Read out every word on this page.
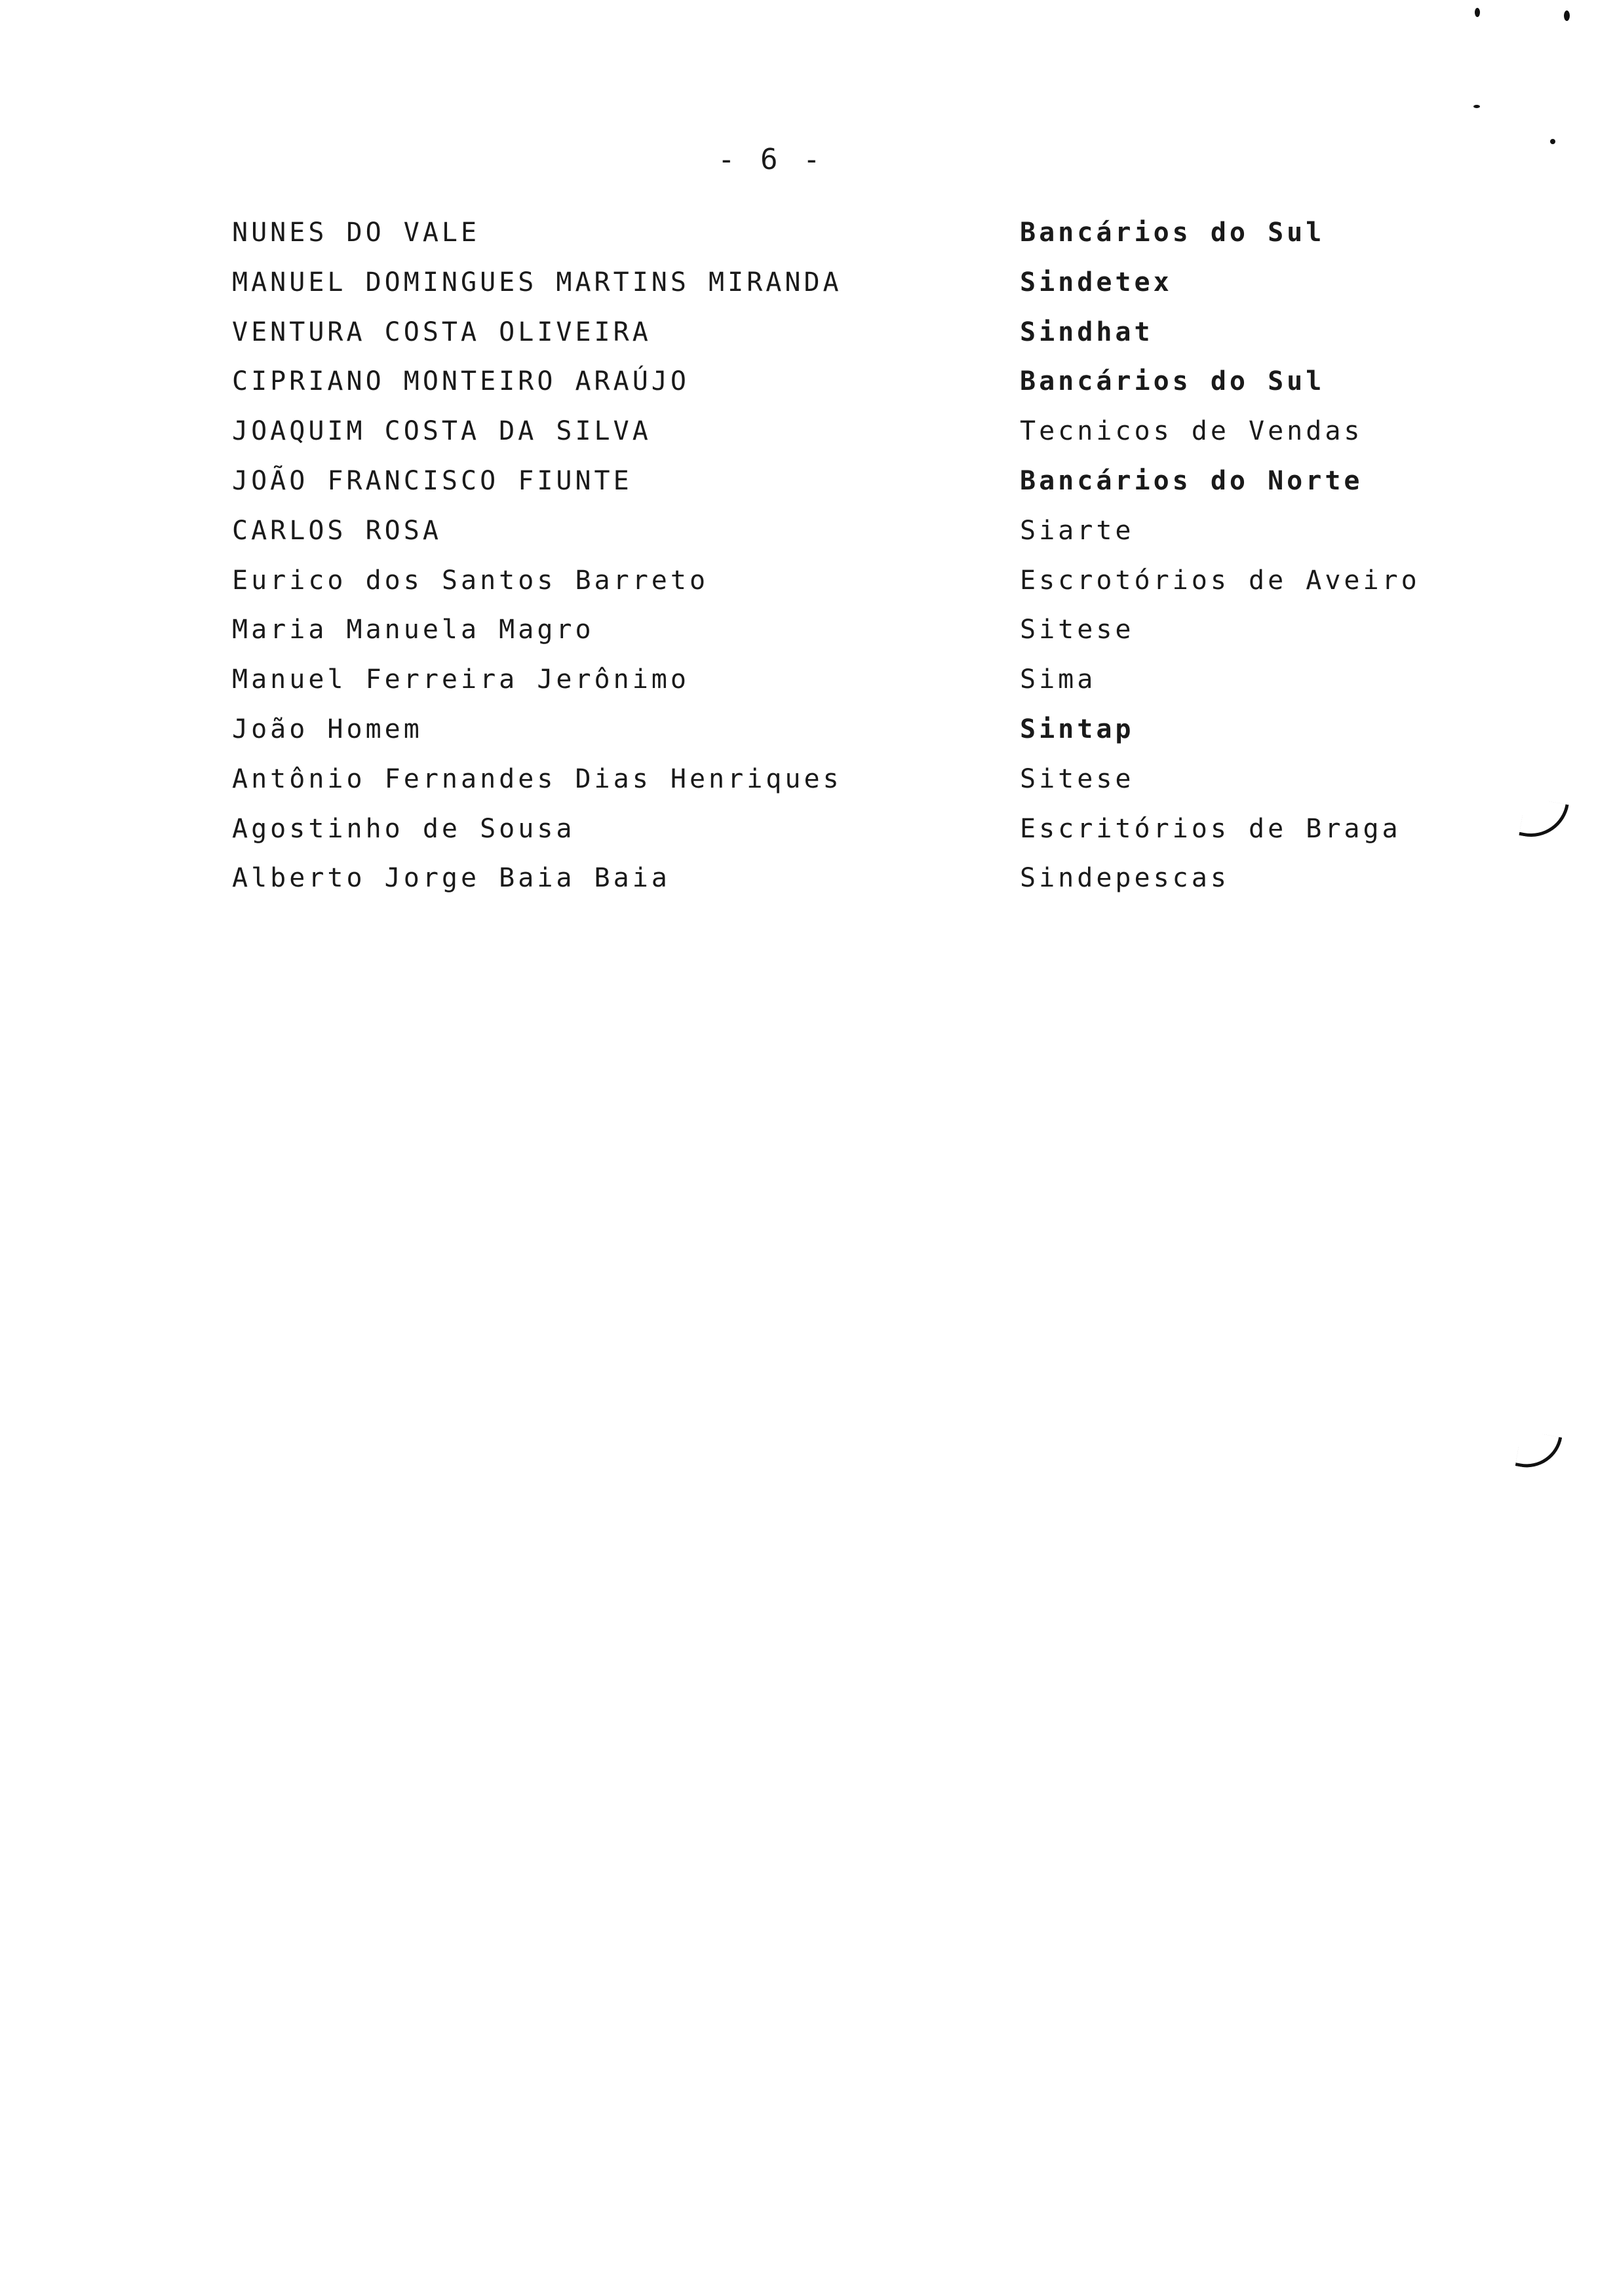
- 6 -
NUNES DO VALE
MANUEL DOMINGUES MARTINS MIRANDA
VENTURA COSTA OLIVEIRA
CIPRIANO MONTEIRO ARAÚJO
JOAQUIM COSTA DA SILVA
JOÃO FRANCISCO FIUNTE
CARLOS ROSA
Eurico dos Santos Barreto
Maria Manuela Magro
Manuel Ferreira Jerônimo
João Homem
Antônio Fernandes Dias Henriques
Agostinho de Sousa
Alberto Jorge Baia Baia
Bancários do Sul
Sindetex
Sindhat
Bancários do Sul
Tecnicos de Vendas
Bancários do Norte
Siarte
Escrotórios de Aveiro
Sitese
Sima
Sintap
Sitese
Escritórios de Braga
Sindepescas
